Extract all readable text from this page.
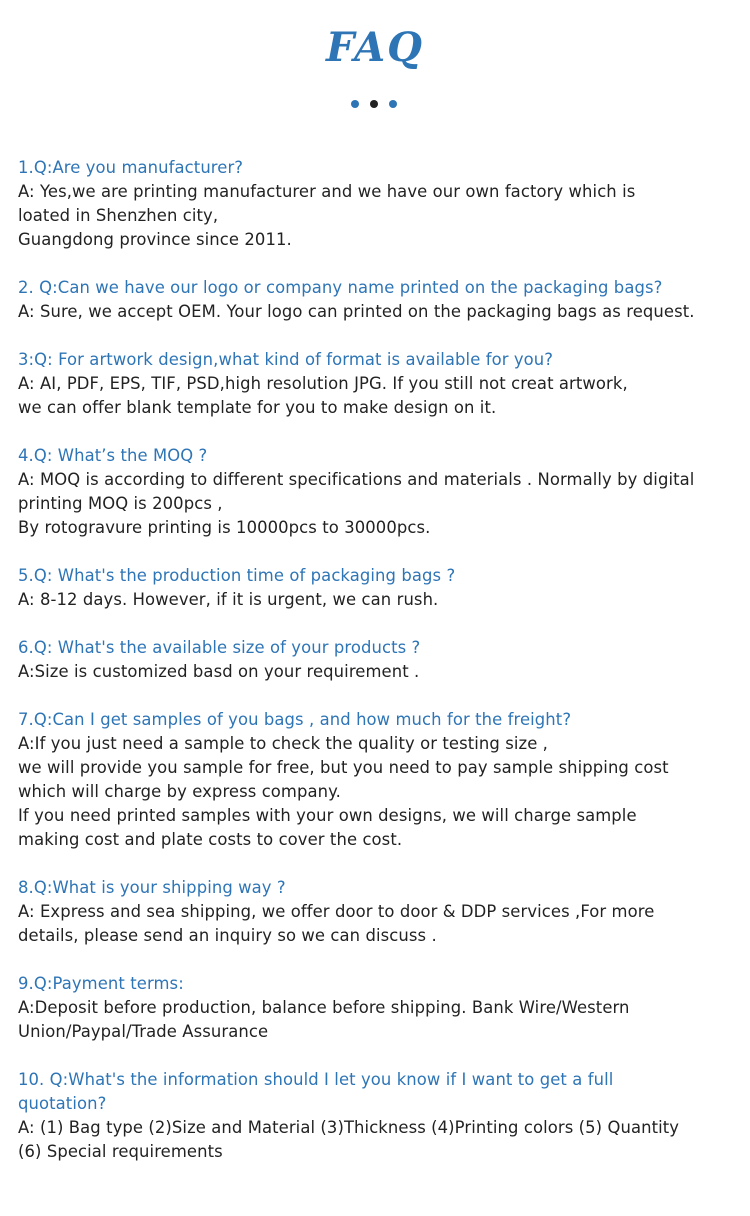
FAQ
1.Q:Are you manufacturer?
A: Yes,we are printing manufacturer and we have our own factory which is
loated in Shenzhen city,
Guangdong province since 2011.
2. Q:Can we have our logo or company name printed on the packaging bags?
A: Sure, we accept OEM. Your logo can printed on the packaging bags as request.
3:Q: For artwork design,what kind of format is available for you?
A: AI, PDF, EPS, TIF, PSD,high resolution JPG. If you still not creat artwork,
we can offer blank template for you to make design on it.
4.Q: What’s the MOQ ?
A: MOQ is according to different specifications and materials . Normally by digital
printing MOQ is 200pcs ,
By rotogravure printing is 10000pcs to 30000pcs.
5.Q: What's the production time of packaging bags ?
A: 8-12 days. However, if it is urgent, we can rush.
6.Q: What's the available size of your products ?
A:Size is customized basd on your requirement .
7.Q:Can I get samples of you bags , and how much for the freight?
A:If you just need a sample to check the quality or testing size ,
we will provide you sample for free, but you need to pay sample shipping cost
which will charge by express company.
If you need printed samples with your own designs, we will charge sample
making cost and plate costs to cover the cost.
8.Q:What is your shipping way ?
A: Express and sea shipping, we offer door to door & DDP services ,For more
details, please send an inquiry so we can discuss .
9.Q:Payment terms:
A:Deposit before production, balance before shipping. Bank Wire/Western
Union/Paypal/Trade Assurance
10. Q:What's the information should I let you know if I want to get a full
quotation?
A: (1) Bag type (2)Size and Material (3)Thickness (4)Printing colors (5) Quantity
(6) Special requirements
